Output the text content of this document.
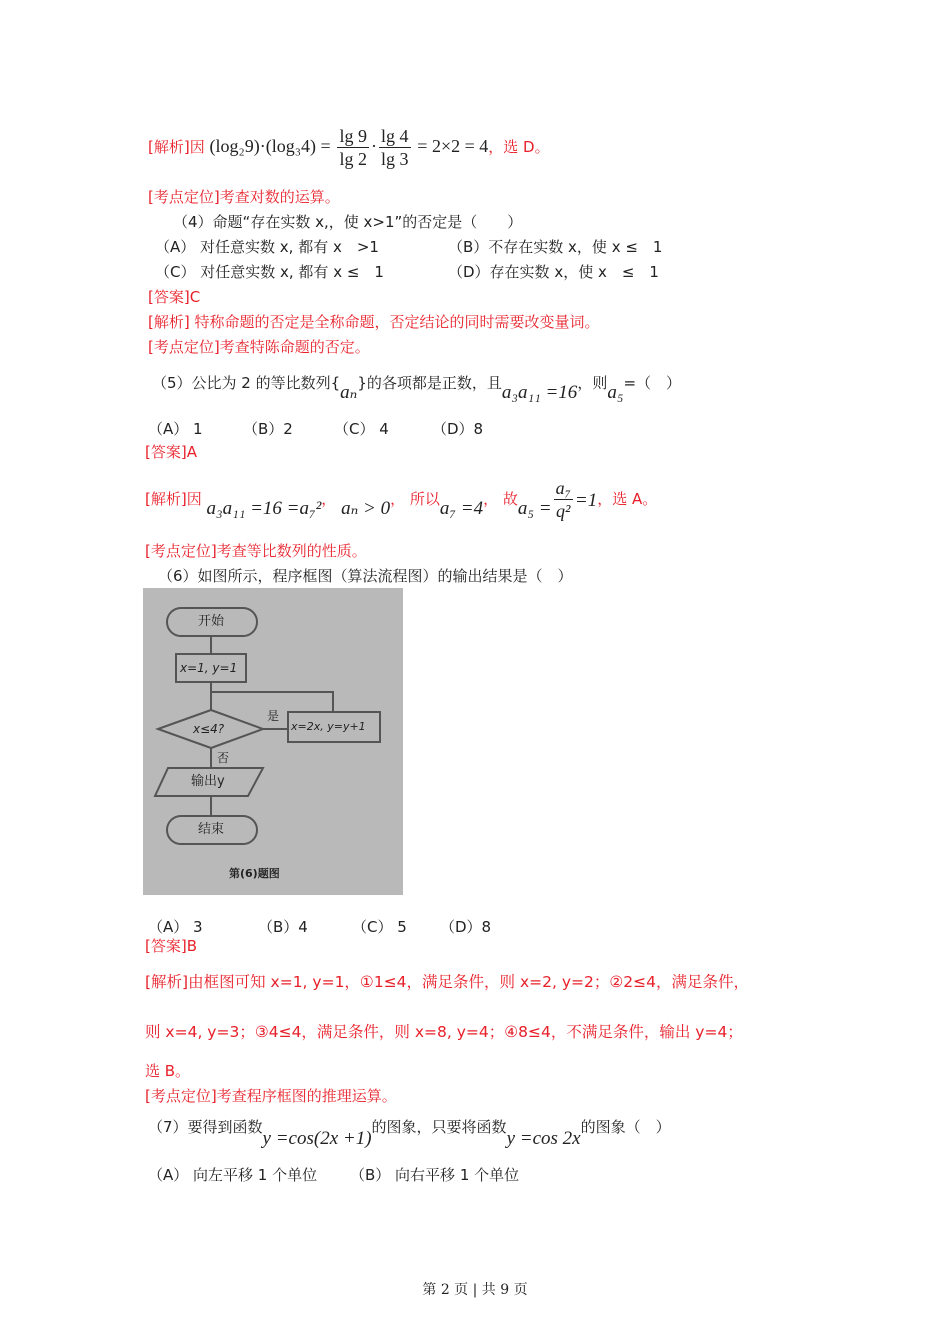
[解析]因 $(\log_29)\cdot(\log_34) = \frac{\lg 9}{\lg 2} \cdot \frac{\lg 4}{\lg 3} = 2\times 2 = 4$，选 D。
[考点定位]考查对数的运算。
（4）命题“存在实数 x,，使 x>1”的否定是（　　）
（A） 对任意实数 x, 都有 x　>1	（B）不存在实数 x，使 x ≤　1
（C） 对任意实数 x, 都有 x ≤　1	（D）存在实数 x，使 x　≤　1
[答案]C
[解析] 特称命题的否定是全称命题，否定结论的同时需要改变量词。
[考点定位]考查特陈命题的否定。
（5）公比为 2 的等比数列{aₙ}的各项都是正数，且a₃a₁₁ =16，则a₅=（　）
（A） 1	（B）2	（C） 4	（D）8
[答案]A
[解析]因 a₃a₁₁ =16 =a₇²， aₙ > 0， 所以a₇ =4， 故$a_5 = \frac{\text{a₇}}{\text{q²}} =1$，选 A。
[考点定位]考查等比数列的性质。
（6）如图所示，程序框图（算法流程图）的输出结果是（　）
开始
x=1, y=1
x≤4?
是
x=2x, y=y+1
否
输出y
结束
第(6)题图
（A） 3	（B）4	（C） 5 （D）8
[答案]B
[解析]由框图可知 x=1, y=1，①1≤4，满足条件，则 x=2, y=2；②2≤4，满足条件，
则 x=4, y=3；③4≤4，满足条件，则 x=8, y=4；④8≤4，不满足条件，输出 y=4；
选 B。
[考点定位]考查程序框图的推理运算。
（7）要得到函数y =cos(2x +1)的图象，只要将函数y =cos 2x的图象（　）
（A） 向左平移 1 个单位 （B） 向右平移 1 个单位
第 2 页 | 共 9 页
